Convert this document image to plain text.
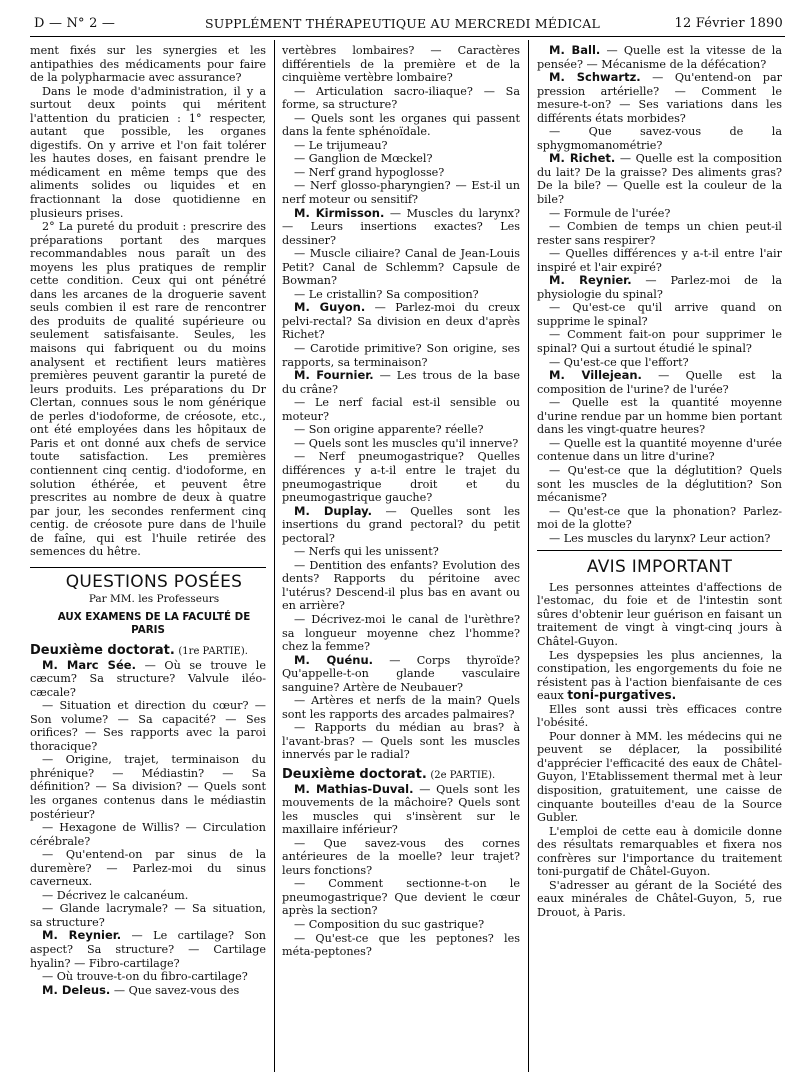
D — N° 2 —	SUPPLÉMENT THÉRAPEUTIQUE AU MERCREDI MÉDICAL	12 Février 1890

ment fixés sur les synergies et les antipathies des médicaments pour faire de la polypharmacie avec assurance?

Dans le mode d'administration, il y a surtout deux points qui méritent l'attention du praticien : 1° respecter, autant que possible, les organes digestifs. On y arrive et l'on fait tolérer les hautes doses, en faisant prendre le médicament en même temps que des aliments solides ou liquides et en fractionnant la dose quotidienne en plusieurs prises.

2° La pureté du produit : prescrire des préparations portant des marques recommandables nous paraît un des moyens les plus pratiques de remplir cette condition. Ceux qui ont pénétré dans les arcanes de la droguerie savent seuls combien il est rare de rencontrer des produits de qualité supérieure ou seulement satisfaisante. Seules, les maisons qui fabriquent ou du moins analysent et rectifient leurs matières premières peuvent garantir la pureté de leurs produits. Les préparations du Dr Clertan, connues sous le nom générique de perles d'iodoforme, de créosote, etc., ont été employées dans les hôpitaux de Paris et ont donné aux chefs de service toute satisfaction. Les premières contiennent cinq centig. d'iodoforme, en solution éthérée, et peuvent être prescrites au nombre de deux à quatre par jour, les secondes renferment cinq centig. de créosote pure dans de l'huile de faîne, qui est l'huile retirée des semences du hêtre.

QUESTIONS POSÉES

Par MM. les Professeurs

AUX EXAMENS DE LA FACULTÉ DE PARIS

Deuxième doctorat. (1re PARTIE).

M. Marc Sée. — Où se trouve le cæcum? Sa structure? Valvule iléo-cæcale?

— Situation et direction du cœur? — Son volume? — Sa capacité? — Ses orifices? — Ses rapports avec la paroi thoracique?

— Origine, trajet, terminaison du phrénique? — Médiastin? — Sa définition? — Sa division? — Quels sont les organes contenus dans le médiastin postérieur?

— Hexagone de Willis? — Circulation cérébrale?

— Qu'entend-on par sinus de la duremère? — Parlez-moi du sinus caverneux.

— Décrivez le calcanéum.

— Glande lacrymale? — Sa situation, sa structure?

M. Reynier. — Le cartilage? Son aspect? Sa structure? — Cartilage hyalin? — Fibro-cartilage?

— Où trouve-t-on du fibro-cartilage?

M. Deleus. — Que savez-vous des

vertèbres lombaires? — Caractères différentiels de la première et de la cinquième vertèbre lombaire?

— Articulation sacro-iliaque? — Sa forme, sa structure?

— Quels sont les organes qui passent dans la fente sphénoïdale.

— Le trijumeau?

— Ganglion de Mœckel?

— Nerf grand hypoglosse?

— Nerf glosso-pharyngien? — Est-il un nerf moteur ou sensitif?

M. Kirmisson. — Muscles du larynx? — Leurs insertions exactes? Les dessiner?

— Muscle ciliaire? Canal de Jean-Louis Petit? Canal de Schlemm? Capsule de Bowman?

— Le cristallin? Sa composition?

M. Guyon. — Parlez-moi du creux pelvi-rectal? Sa division en deux d'après Richet?

— Carotide primitive? Son origine, ses rapports, sa terminaison?

M. Fournier. — Les trous de la base du crâne?

— Le nerf facial est-il sensible ou moteur?

— Son origine apparente? réelle?

— Quels sont les muscles qu'il innerve?

— Nerf pneumogastrique? Quelles différences y a-t-il entre le trajet du pneumogastrique droit et du pneumogastrique gauche?

M. Duplay. — Quelles sont les insertions du grand pectoral? du petit pectoral?

— Nerfs qui les unissent?

— Dentition des enfants? Evolution des dents? Rapports du péritoine avec l'utérus? Descend-il plus bas en avant ou en arrière?

— Décrivez-moi le canal de l'urèthre? sa longueur moyenne chez l'homme? chez la femme?

M. Quénu. — Corps thyroïde? Qu'appelle-t-on glande vasculaire sanguine? Artère de Neubauer?

— Artères et nerfs de la main? Quels sont les rapports des arcades palmaires?

— Rapports du médian au bras? à l'avant-bras? — Quels sont les muscles innervés par le radial?

Deuxième doctorat. (2e PARTIE).

M. Mathias-Duval. — Quels sont les mouvements de la mâchoire? Quels sont les muscles qui s'insèrent sur le maxillaire inférieur?

— Que savez-vous des cornes antérieures de la moelle? leur trajet? leurs fonctions?

— Comment sectionne-t-on le pneumogastrique? Que devient le cœur après la section?

— Composition du suc gastrique?

— Qu'est-ce que les peptones? les méta-peptones?

M. Ball. — Quelle est la vitesse de la pensée? — Mécanisme de la défécation?

M. Schwartz. — Qu'entend-on par pression artérielle? — Comment le mesure-t-on? — Ses variations dans les différents états morbides?

— Que savez-vous de la sphygmomanométrie?

M. Richet. — Quelle est la composition du lait? De la graisse? Des aliments gras? De la bile? — Quelle est la couleur de la bile?

— Formule de l'urée?

— Combien de temps un chien peut-il rester sans respirer?

— Quelles différences y a-t-il entre l'air inspiré et l'air expiré?

M. Reynier. — Parlez-moi de la physiologie du spinal?

— Qu'est-ce qu'il arrive quand on supprime le spinal?

— Comment fait-on pour supprimer le spinal? Qui a surtout étudié le spinal?

— Qu'est-ce que l'effort?

M. Villejean. — Quelle est la composition de l'urine? de l'urée?

— Quelle est la quantité moyenne d'urine rendue par un homme bien portant dans les vingt-quatre heures?

— Quelle est la quantité moyenne d'urée contenue dans un litre d'urine?

— Qu'est-ce que la déglutition? Quels sont les muscles de la déglutition? Son mécanisme?

— Qu'est-ce que la phonation? Parlez-moi de la glotte?

— Les muscles du larynx? Leur action?

AVIS IMPORTANT

Les personnes atteintes d'affections de l'estomac, du foie et de l'intestin sont sûres d'obtenir leur guérison en faisant un traitement de vingt à vingt-cinq jours à Châtel-Guyon.

Les dyspepsies les plus anciennes, la constipation, les engorgements du foie ne résistent pas à l'action bienfaisante de ces eaux toni-purgatives.

Elles sont aussi très efficaces contre l'obésité.

Pour donner à MM. les médecins qui ne peuvent se déplacer, la possibilité d'apprécier l'efficacité des eaux de Châtel-Guyon, l'Etablissement thermal met à leur disposition, gratuitement, une caisse de cinquante bouteilles d'eau de la Source Gubler.

L'emploi de cette eau à domicile donne des résultats remarquables et fixera nos confrères sur l'importance du traitement toni-purgatif de Châtel-Guyon.

S'adresser au gérant de la Société des eaux minérales de Châtel-Guyon, 5, rue Drouot, à Paris.
